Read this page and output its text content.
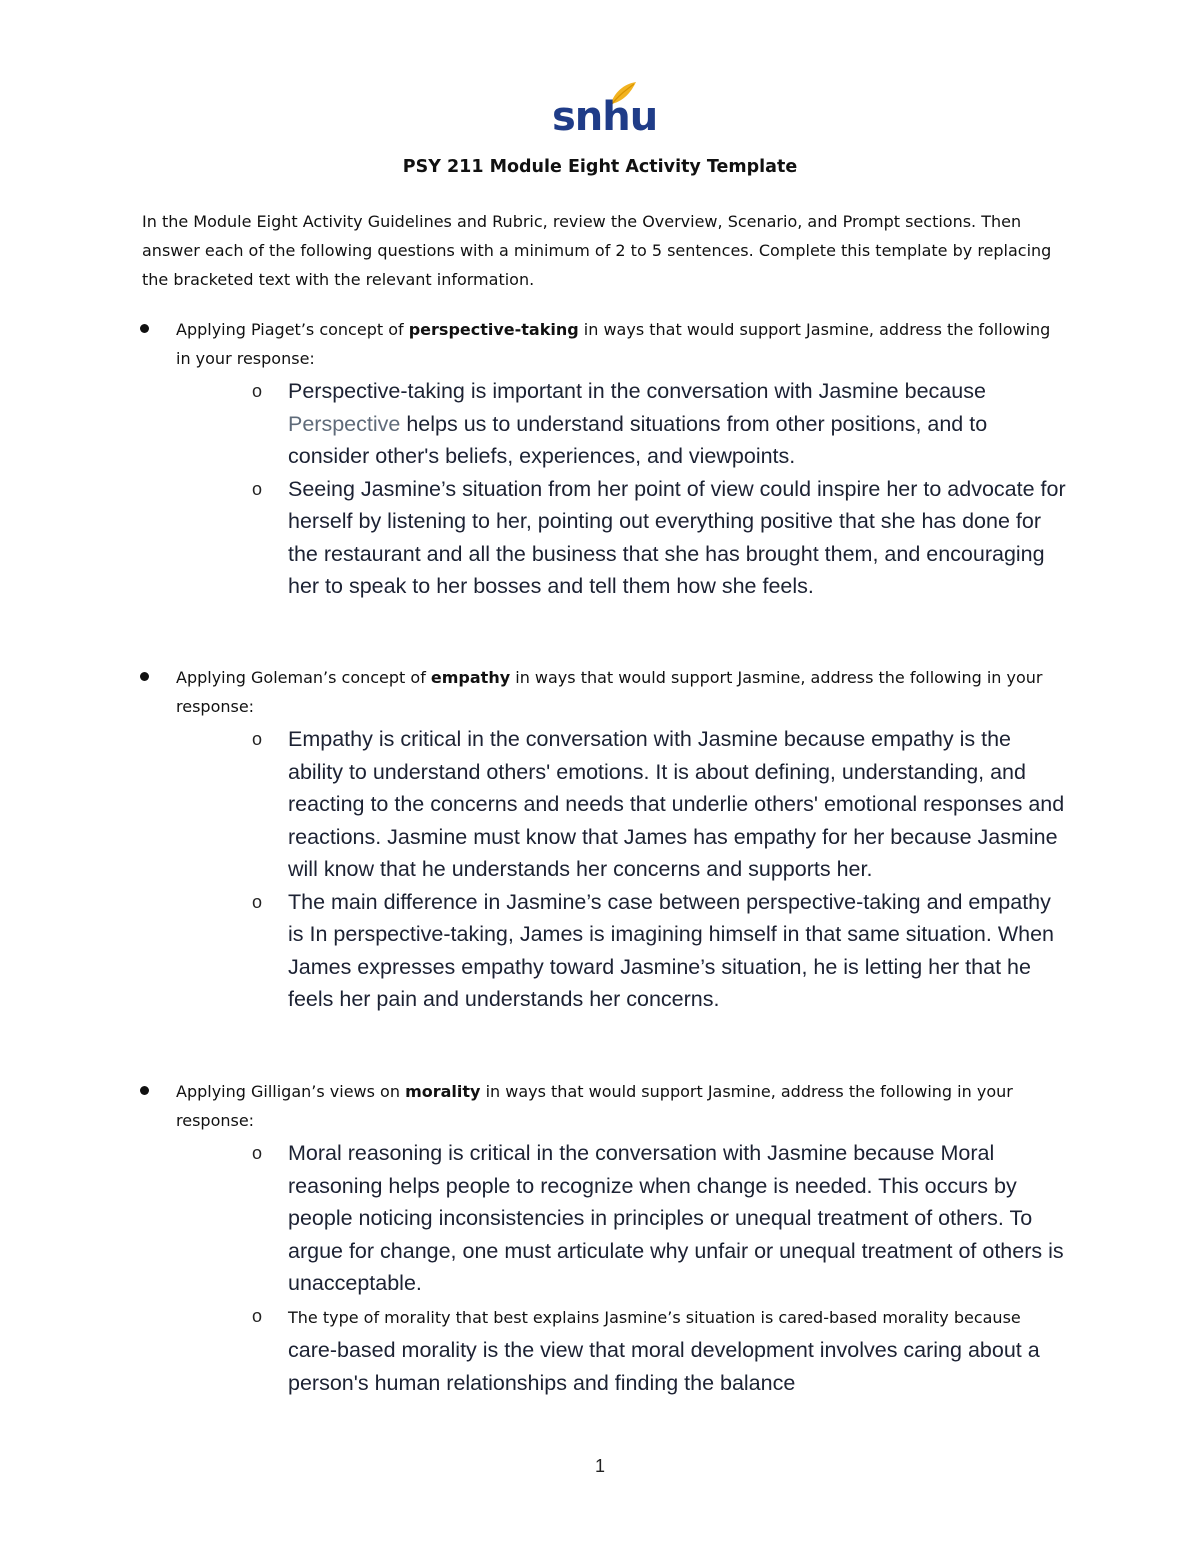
snhu
PSY 211 Module Eight Activity Template
In the Module Eight Activity Guidelines and Rubric, review the Overview, Scenario, and Prompt sections. Then answer each of the following questions with a minimum of 2 to 5 sentences. Complete this template by replacing the bracketed text with the relevant information.
Applying Piaget’s concept of perspective-taking in ways that would support Jasmine, address the following in your response:
o Perspective-taking is important in the conversation with Jasmine because Perspective helps us to understand situations from other positions, and to consider other's beliefs, experiences, and viewpoints.
o Seeing Jasmine’s situation from her point of view could inspire her to advocate for herself by listening to her, pointing out everything positive that she has done for the restaurant and all the business that she has brought them, and encouraging her to speak to her bosses and tell them how she feels.
Applying Goleman’s concept of empathy in ways that would support Jasmine, address the following in your response:
o Empathy is critical in the conversation with Jasmine because empathy is the ability to understand others' emotions. It is about defining, understanding, and reacting to the concerns and needs that underlie others' emotional responses and reactions. Jasmine must know that James has empathy for her because Jasmine will know that he understands her concerns and supports her.
o The main difference in Jasmine’s case between perspective-taking and empathy is In perspective-taking, James is imagining himself in that same situation. When James expresses empathy toward Jasmine’s situation, he is letting her that he feels her pain and understands her concerns.
Applying Gilligan’s views on morality in ways that would support Jasmine, address the following in your response:
o Moral reasoning is critical in the conversation with Jasmine because Moral reasoning helps people to recognize when change is needed. This occurs by people noticing inconsistencies in principles or unequal treatment of others. To argue for change, one must articulate why unfair or unequal treatment of others is unacceptable.
o The type of morality that best explains Jasmine’s situation is cared-based morality because care-based morality is the view that moral development involves caring about a person's human relationships and finding the balance
1
